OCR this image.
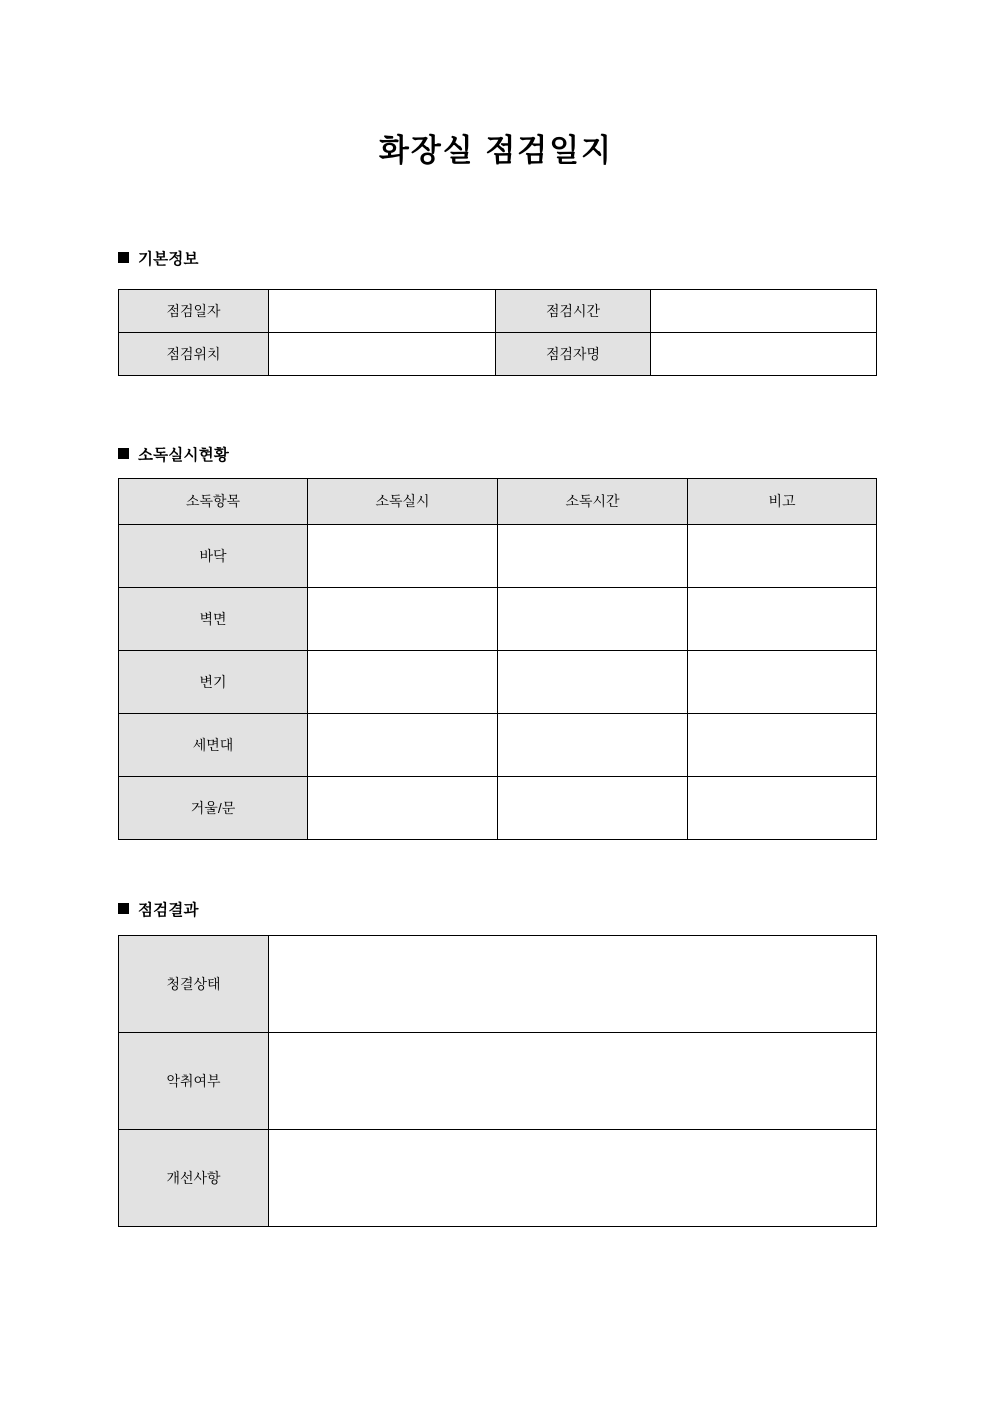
화장실 점검일지
기본정보
점검일자		점검시간	
점검위치		점검자명	
소독실시현황
소독항목	소독실시	소독시간	비고
바닥			
벽면			
변기			
세면대			
거울/문			
점검결과
청결상태	
악취여부	
개선사항	
